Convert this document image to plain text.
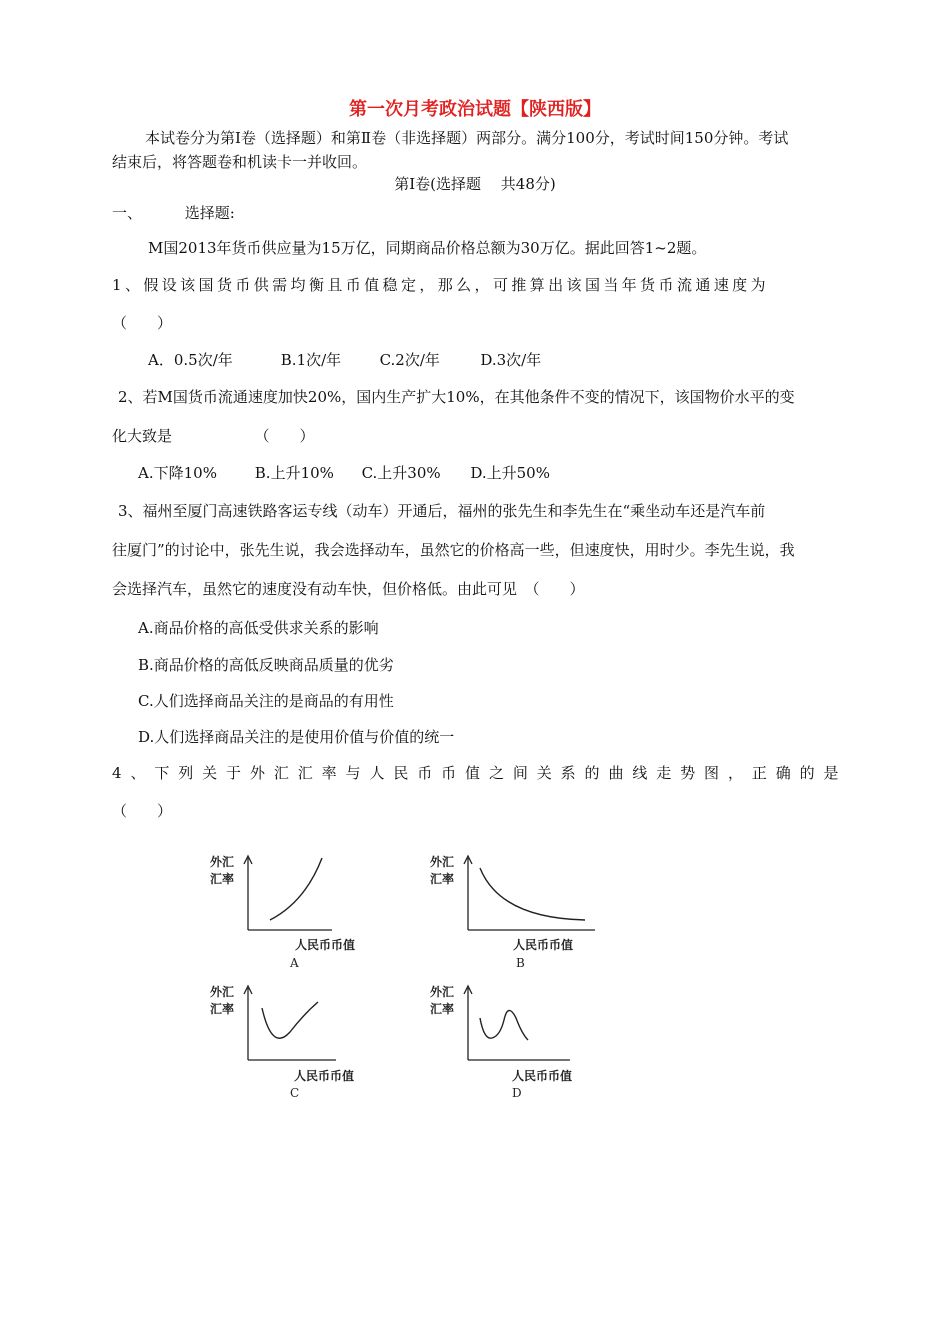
第一次月考政治试题【陕西版】
本试卷分为第Ⅰ卷（选择题）和第Ⅱ卷（非选择题）两部分。满分100分，考试时间150分钟。考试
结束后，将答题卷和机读卡一并收回。
第Ⅰ卷(选择题　 共48分)
一、	选择题:
M国2013年货币供应量为15万亿，同期商品价格总额为30万亿。据此回答1~2题。
1、假设该国货币供需均衡且币值稳定，那么，可推算出该国当年货币流通速度为
（　　）
A．0.5次/年	B.1次/年	C.2次/年	D.3次/年
2、若M国货币流通速度加快20%，国内生产扩大10%，在其他条件不变的情况下，该国物价水平的变
化大致是　　　　　　（　　）
A.下降10%	B.上升10% C.上升30% D.上升50%
3、福州至厦门高速铁路客运专线（动车）开通后，福州的张先生和李先生在“乘坐动车还是汽车前
往厦门”的讨论中，张先生说，我会选择动车，虽然它的价格高一些，但速度快，用时少。李先生说，我
会选择汽车，虽然它的速度没有动车快，但价格低。由此可见　（　　）
A.商品价格的高低受供求关系的影响
B.商品价格的高低反映商品质量的优劣
C.人们选择商品关注的是商品的有用性
D.人们选择商品关注的是使用价值与价值的统一
4、下列关于外汇汇率与人民币币值之间关系的曲线走势图，正确的是
（　　）
外汇
汇率
人民币币值
A
外汇
汇率
人民币币值
B
外汇
汇率
人民币币值
C
外汇
汇率
人民币币值
D
